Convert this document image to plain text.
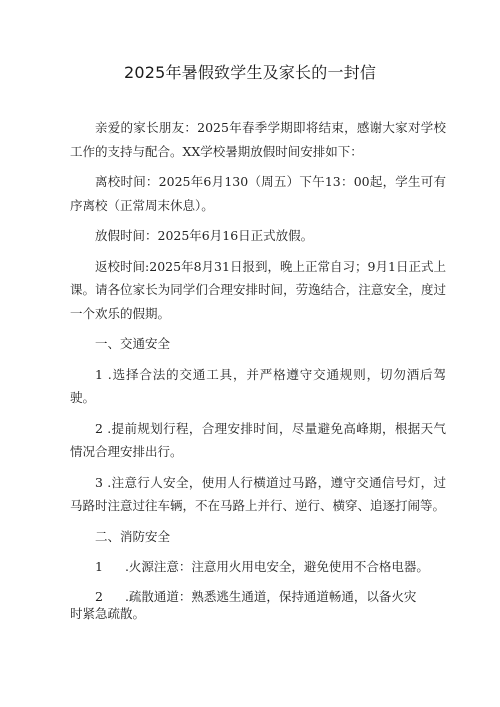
2025年暑假致学生及家长的一封信

亲爱的家长朋友：2025年春季学期即将结束，感谢大家对学校工作的支持与配合。XX学校暑期放假时间安排如下：

离校时间：2025年6月130（周五）下午13：00起，学生可有序离校（正常周末休息）。

放假时间：2025年6月16日正式放假。

返校时间:2025年8月31日报到，晚上正常自习；9月1日正式上课。请各位家长为同学们合理安排时间，劳逸结合，注意安全，度过一个欢乐的假期。

一、交通安全

1 .选择合法的交通工具，并严格遵守交通规则，切勿酒后驾驶。

2 .提前规划行程，合理安排时间，尽量避免高峰期，根据天气情况合理安排出行。

3 .注意行人安全，使用人行横道过马路，遵守交通信号灯，过马路时注意过往车辆，不在马路上并行、逆行、横穿、追逐打闹等。

二、消防安全

1 .火源注意：注意用火用电安全，避免使用不合格电器。

2 .疏散通道：熟悉逃生通道，保持通道畅通，以备火灾
时紧急疏散。
